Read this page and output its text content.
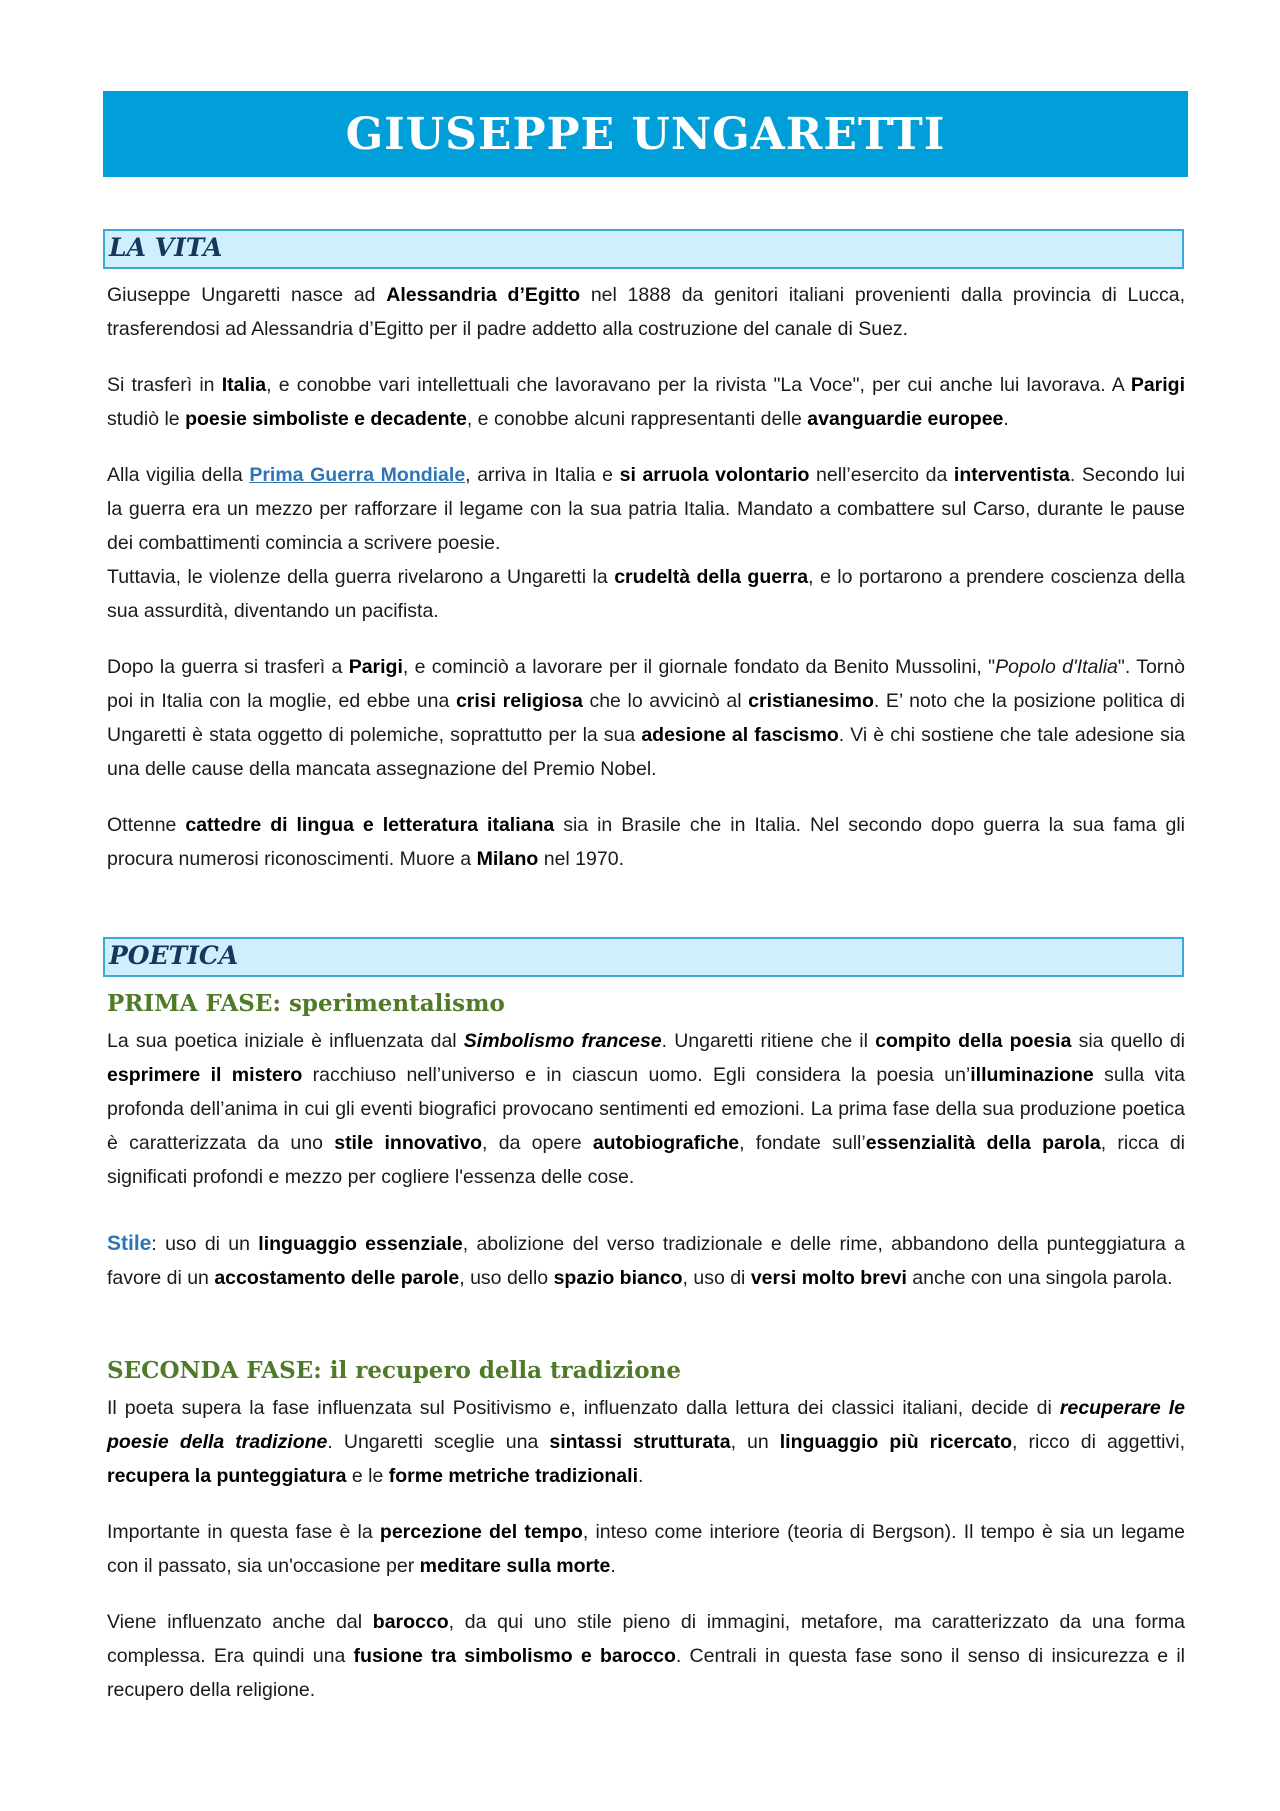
GIUSEPPE UNGARETTI
LA VITA

Giuseppe Ungaretti nasce ad Alessandria d’Egitto nel 1888 da genitori italiani provenienti dalla provincia di Lucca, trasferendosi ad Alessandria d’Egitto per il padre addetto alla costruzione del canale di Suez.

Si trasferì in Italia, e conobbe vari intellettuali che lavoravano per la rivista "La Voce", per cui anche lui lavorava. A Parigi studiò le poesie simboliste e decadente, e conobbe alcuni rappresentanti delle avanguardie europee.

Alla vigilia della Prima Guerra Mondiale, arriva in Italia e si arruola volontario nell’esercito da interventista. Secondo lui la guerra era un mezzo per rafforzare il legame con la sua patria Italia. Mandato a combattere sul Carso, durante le pause dei combattimenti comincia a scrivere poesie.

Tuttavia, le violenze della guerra rivelarono a Ungaretti la crudeltà della guerra, e lo portarono a prendere coscienza della sua assurdità, diventando un pacifista.

Dopo la guerra si trasferì a Parigi, e cominciò a lavorare per il giornale fondato da Benito Mussolini, "Popolo d'Italia". Tornò poi in Italia con la moglie, ed ebbe una crisi religiosa che lo avvicinò al cristianesimo. E’ noto che la posizione politica di Ungaretti è stata oggetto di polemiche, soprattutto per la sua adesione al fascismo. Vi è chi sostiene che tale adesione sia una delle cause della mancata assegnazione del Premio Nobel.

Ottenne cattedre di lingua e letteratura italiana sia in Brasile che in Italia. Nel secondo dopo guerra la sua fama gli procura numerosi riconoscimenti. Muore a Milano nel 1970.

POETICA
PRIMA FASE: sperimentalismo

La sua poetica iniziale è influenzata dal Simbolismo francese. Ungaretti ritiene che il compito della poesia sia quello di esprimere il mistero racchiuso nell’universo e in ciascun uomo. Egli considera la poesia un’illuminazione sulla vita profonda dell’anima in cui gli eventi biografici provocano sentimenti ed emozioni. La prima fase della sua produzione poetica è caratterizzata da uno stile innovativo, da opere autobiografiche, fondate sull’essenzialità della parola, ricca di significati profondi e mezzo per cogliere l'essenza delle cose.

Stile: uso di un linguaggio essenziale, abolizione del verso tradizionale e delle rime, abbandono della punteggiatura a favore di un accostamento delle parole, uso dello spazio bianco, uso di versi molto brevi anche con una singola parola.

SECONDA FASE: il recupero della tradizione

Il poeta supera la fase influenzata sul Positivismo e, influenzato dalla lettura dei classici italiani, decide di recuperare le poesie della tradizione. Ungaretti sceglie una sintassi strutturata, un linguaggio più ricercato, ricco di aggettivi, recupera la punteggiatura e le forme metriche tradizionali.

Importante in questa fase è la percezione del tempo, inteso come interiore (teoria di Bergson). Il tempo è sia un legame con il passato, sia un'occasione per meditare sulla morte.

Viene influenzato anche dal barocco, da qui uno stile pieno di immagini, metafore, ma caratterizzato da una forma complessa. Era quindi una fusione tra simbolismo e barocco. Centrali in questa fase sono il senso di insicurezza e il recupero della religione.
